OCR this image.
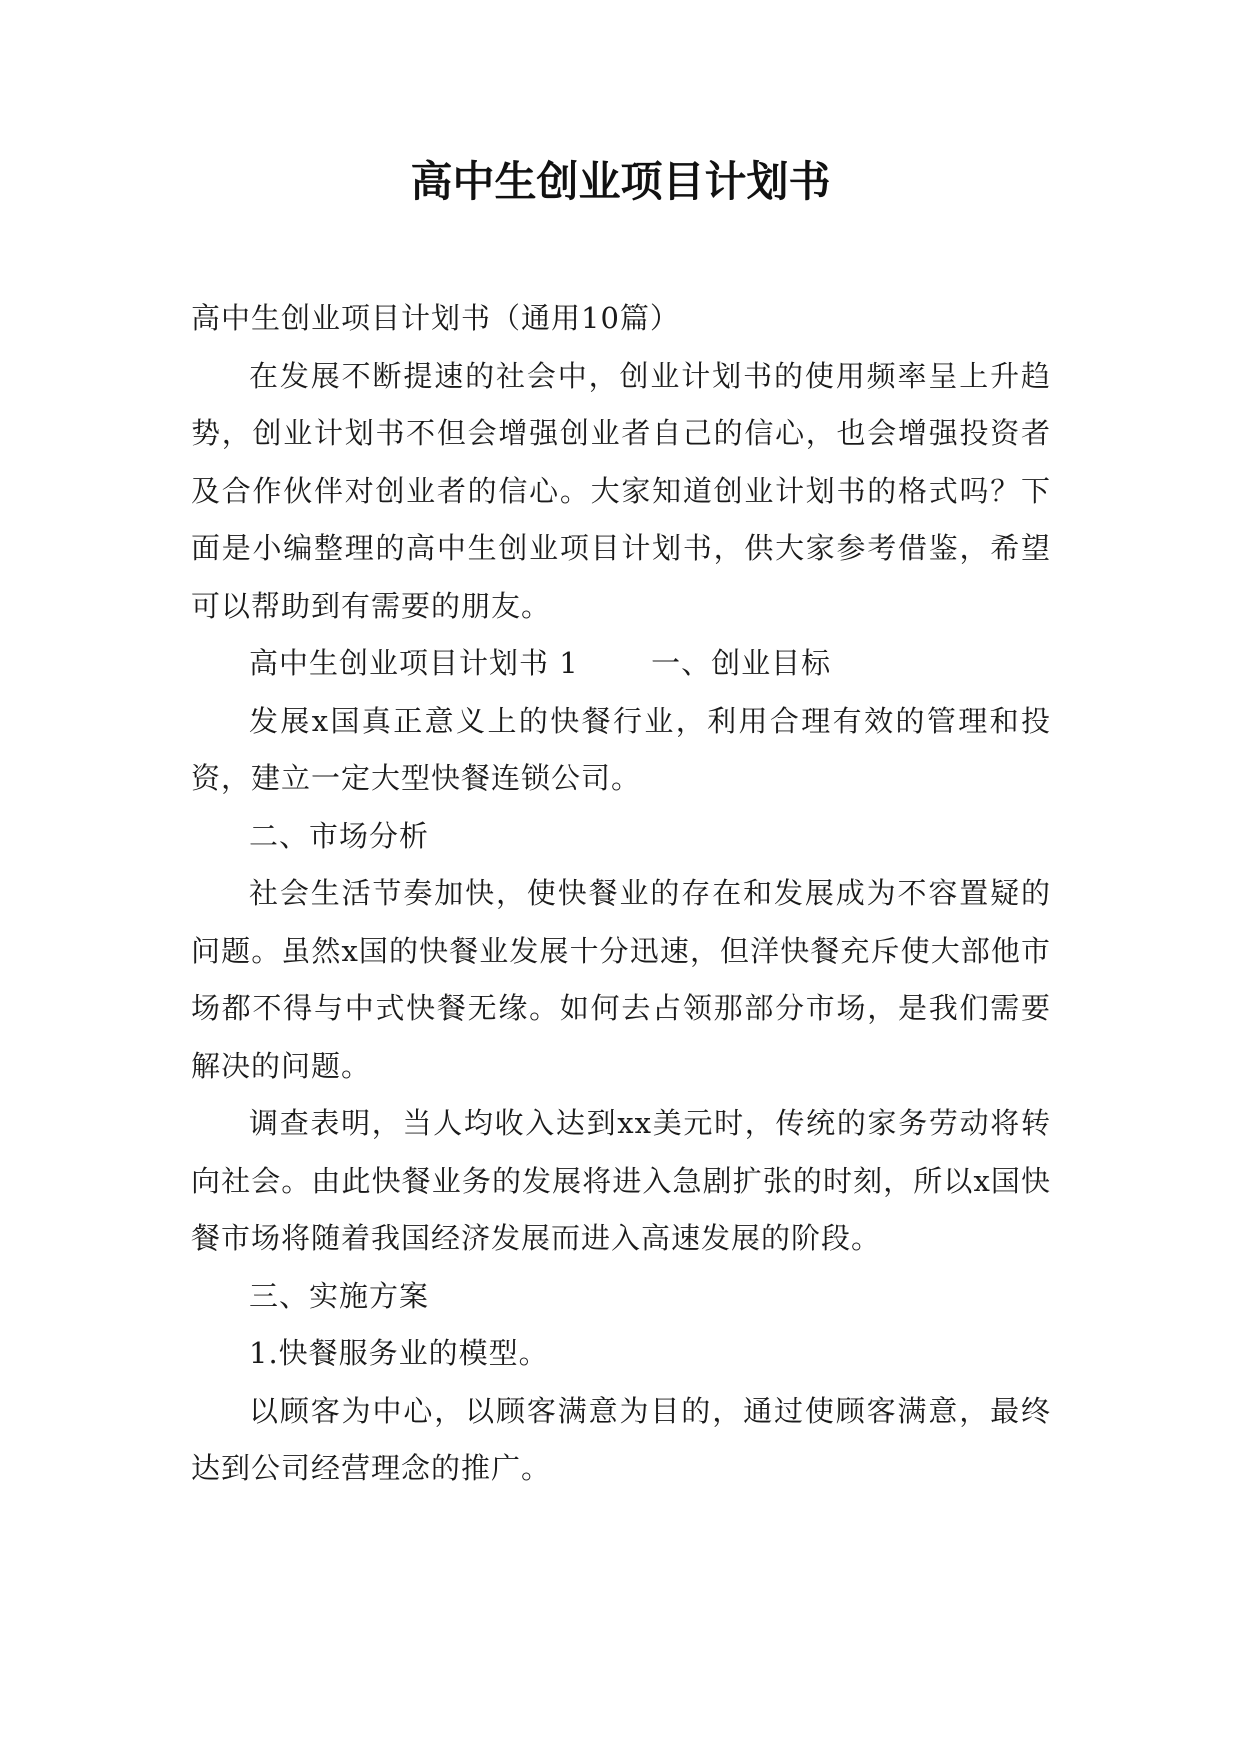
高中生创业项目计划书

高中生创业项目计划书（通用10篇）

在发展不断提速的社会中，创业计划书的使用频率呈上升趋势，创业计划书不但会增强创业者自己的信心，也会增强投资者及合作伙伴对创业者的信心。大家知道创业计划书的格式吗？下面是小编整理的高中生创业项目计划书，供大家参考借鉴，希望可以帮助到有需要的朋友。

高中生创业项目计划书 1	一、创业目标

发展x国真正意义上的快餐行业，利用合理有效的管理和投资，建立一定大型快餐连锁公司。

二、市场分析

社会生活节奏加快，使快餐业的存在和发展成为不容置疑的问题。虽然x国的快餐业发展十分迅速，但洋快餐充斥使大部他市场都不得与中式快餐无缘。如何去占领那部分市场，是我们需要解决的问题。

调查表明，当人均收入达到xx美元时，传统的家务劳动将转向社会。由此快餐业务的发展将进入急剧扩张的时刻，所以x国快餐市场将随着我国经济发展而进入高速发展的阶段。

三、实施方案

1.快餐服务业的模型。

以顾客为中心，以顾客满意为目的，通过使顾客满意，最终达到公司经营理念的推广。
